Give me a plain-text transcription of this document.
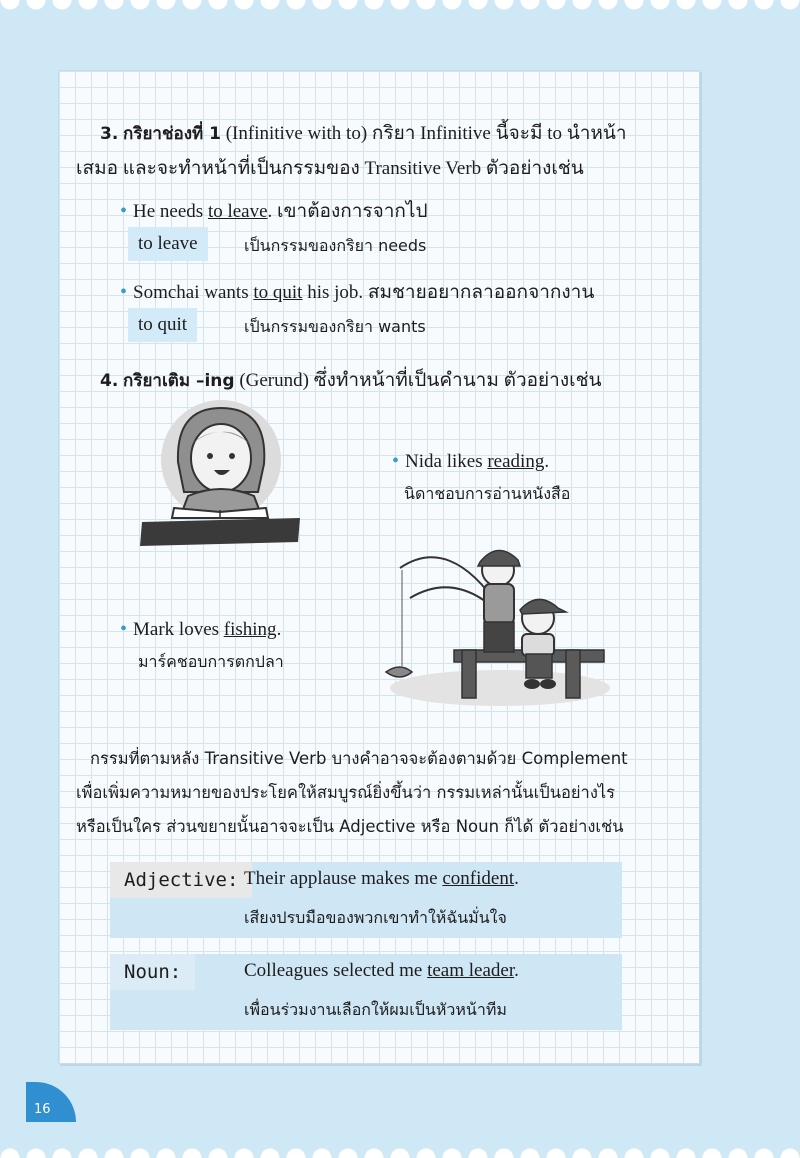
3. กริยาช่องที่ 1 (Infinitive with to) กริยา Infinitive นี้จะมี to นำหน้า
เสมอ และจะทำหน้าที่เป็นกรรมของ Transitive Verb ตัวอย่างเช่น
• He needs to leave. เขาต้องการจากไป
to leave	เป็นกรรมของกริยา needs
• Somchai wants to quit his job. สมชายอยากลาออกจากงาน
to quit	เป็นกรรมของกริยา wants
4. กริยาเติม –ing (Gerund) ซึ่งทำหน้าที่เป็นคำนาม ตัวอย่างเช่น
• Nida likes reading.
นิดาชอบการอ่านหนังสือ
• Mark loves fishing.
มาร์คชอบการตกปลา
กรรมที่ตามหลัง Transitive Verb บางคำอาจจะต้องตามด้วย Complement
เพื่อเพิ่มความหมายของประโยคให้สมบูรณ์ยิ่งขึ้นว่า กรรมเหล่านั้นเป็นอย่างไร
หรือเป็นใคร ส่วนขยายนั้นอาจจะเป็น Adjective หรือ Noun ก็ได้ ตัวอย่างเช่น
Adjective: Their applause makes me confident.
เสียงปรบมือของพวกเขาทำให้ฉันมั่นใจ
Noun:	Colleagues selected me team leader.
เพื่อนร่วมงานเลือกให้ผมเป็นหัวหน้าทีม
16
